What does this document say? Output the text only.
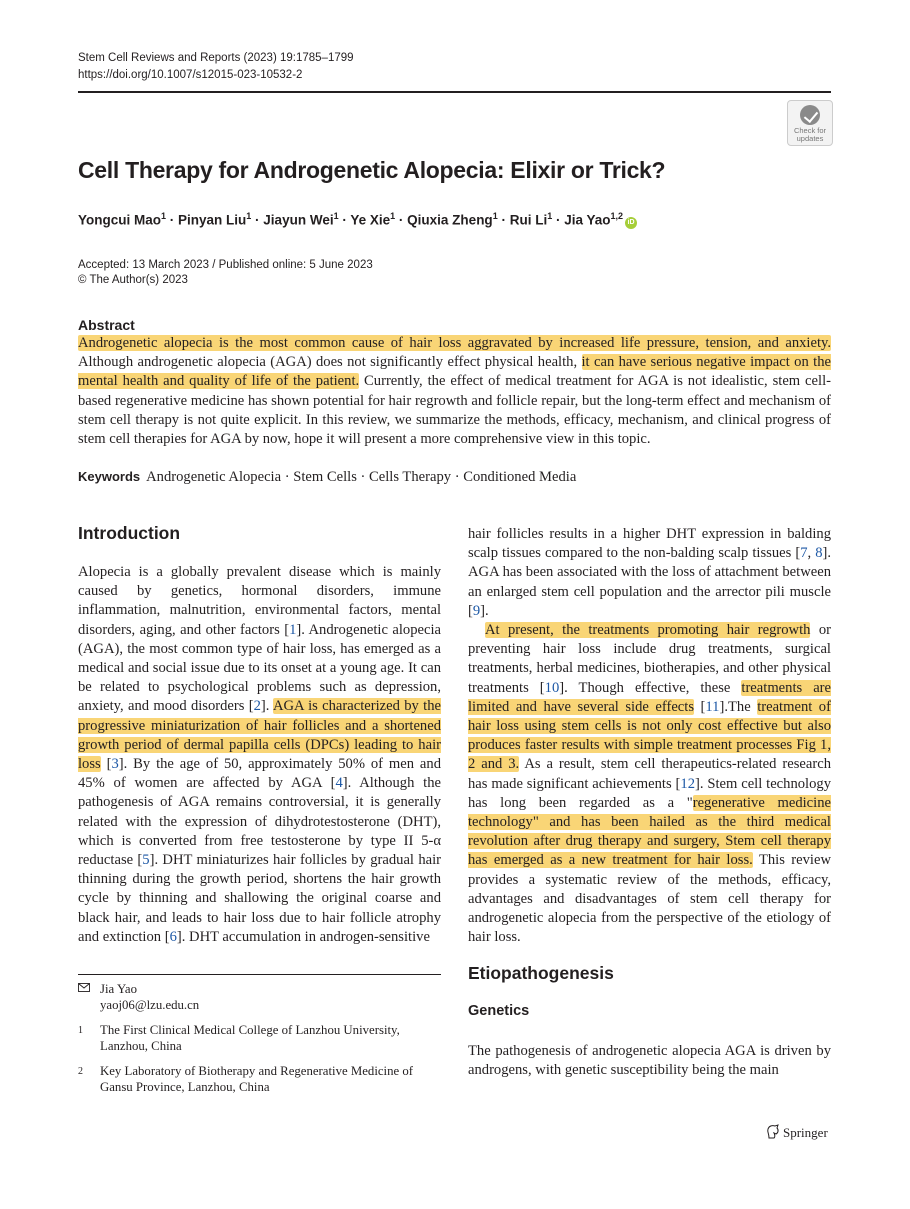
Stem Cell Reviews and Reports (2023) 19:1785–1799
https://doi.org/10.1007/s12015-023-10532-2
Check for
updates
Cell Therapy for Androgenetic Alopecia: Elixir or Trick?
Yongcui Mao$^1$ · Pinyan Liu$^1$ · Jiayun Wei$^1$ · Ye Xie$^1$ · Qiuxia Zheng$^1$ · Rui $Li^1$ · Jia Yao$^{1,2}$iD
Accepted: 13 March 2023 / Published online: 5 June 2023
© The Author(s) 2023
Abstract

Androgenetic alopecia is the most common cause of hair loss aggravated by increased life pressure, tension, and anxiety. Although androgenetic alopecia (AGA) does not significantly effect physical health, it can have serious negative impact on the mental health and quality of life of the patient. Currently, the effect of medical treatment for AGA is not idealistic, stem cell-based regenerative medicine has shown potential for hair regrowth and follicle repair, but the long-term effect and mechanism of stem cell therapy is not quite explicit. In this review, we summarize the methods, efficacy, mechanism, and clinical progress of stem cell therapies for AGA by now, hope it will present a more comprehensive view in this topic.

Keywords Androgenetic Alopecia · Stem Cells · Cells Therapy · Conditioned Media
Introduction

Alopecia is a globally prevalent disease which is mainly caused by genetics, hormonal disorders, immune inflammation, malnutrition, environmental factors, mental disorders, aging, and other factors [1]. Androgenetic alopecia (AGA), the most common type of hair loss, has emerged as a medical and social issue due to its onset at a young age. It can be related to psychological problems such as depression, anxiety, and mood disorders [2]. AGA is characterized by the progressive miniaturization of hair follicles and a shortened growth period of dermal papilla cells (DPCs) leading to hair loss [3]. By the age of 50, approximately 50% of men and 45% of women are affected by AGA [4]. Although the pathogenesis of AGA remains controversial, it is generally related with the expression of dihydrotestosterone (DHT), which is converted from free testosterone by type II 5-α reductase [5]. DHT miniaturizes hair follicles by gradual hair thinning during the growth period, shortens the hair growth cycle by thinning and shallowing the original coarse and black hair, and leads to hair loss due to hair follicle atrophy and extinction [6]. DHT accumulation in androgen-sensitive

hair follicles results in a higher DHT expression in balding scalp tissues compared to the non-balding scalp tissues [7, 8]. AGA has been associated with the loss of attachment between an enlarged stem cell population and the arrector pili muscle [9].

At present, the treatments promoting hair regrowth or preventing hair loss include drug treatments, surgical treatments, herbal medicines, biotherapies, and other physical treatments [10]. Though effective, these treatments are limited and have several side effects [11].The treatment of hair loss using stem cells is not only cost effective but also produces faster results with simple treatment processes Fig 1, 2 and 3. As a result, stem cell therapeutics-related research has made significant achievements [12]. Stem cell technology has long been regarded as a "regenerative medicine technology" and has been hailed as the third medical revolution after drug therapy and surgery, Stem cell therapy has emerged as a new treatment for hair loss. This review provides a systematic review of the methods, efficacy, advantages and disadvantages of stem cell therapy for androgenetic alopecia from the perspective of the etiology of hair loss.

Jia Yao
yaoj06@lzu.edu.cn
1	The First Clinical Medical College of Lanzhou University, Lanzhou, China
2	Key Laboratory of Biotherapy and Regenerative Medicine of Gansu Province, Lanzhou, China
Etiopathogenesis
Genetics

The pathogenesis of androgenetic alopecia AGA is driven by androgens, with genetic susceptibility being the main

Springer
